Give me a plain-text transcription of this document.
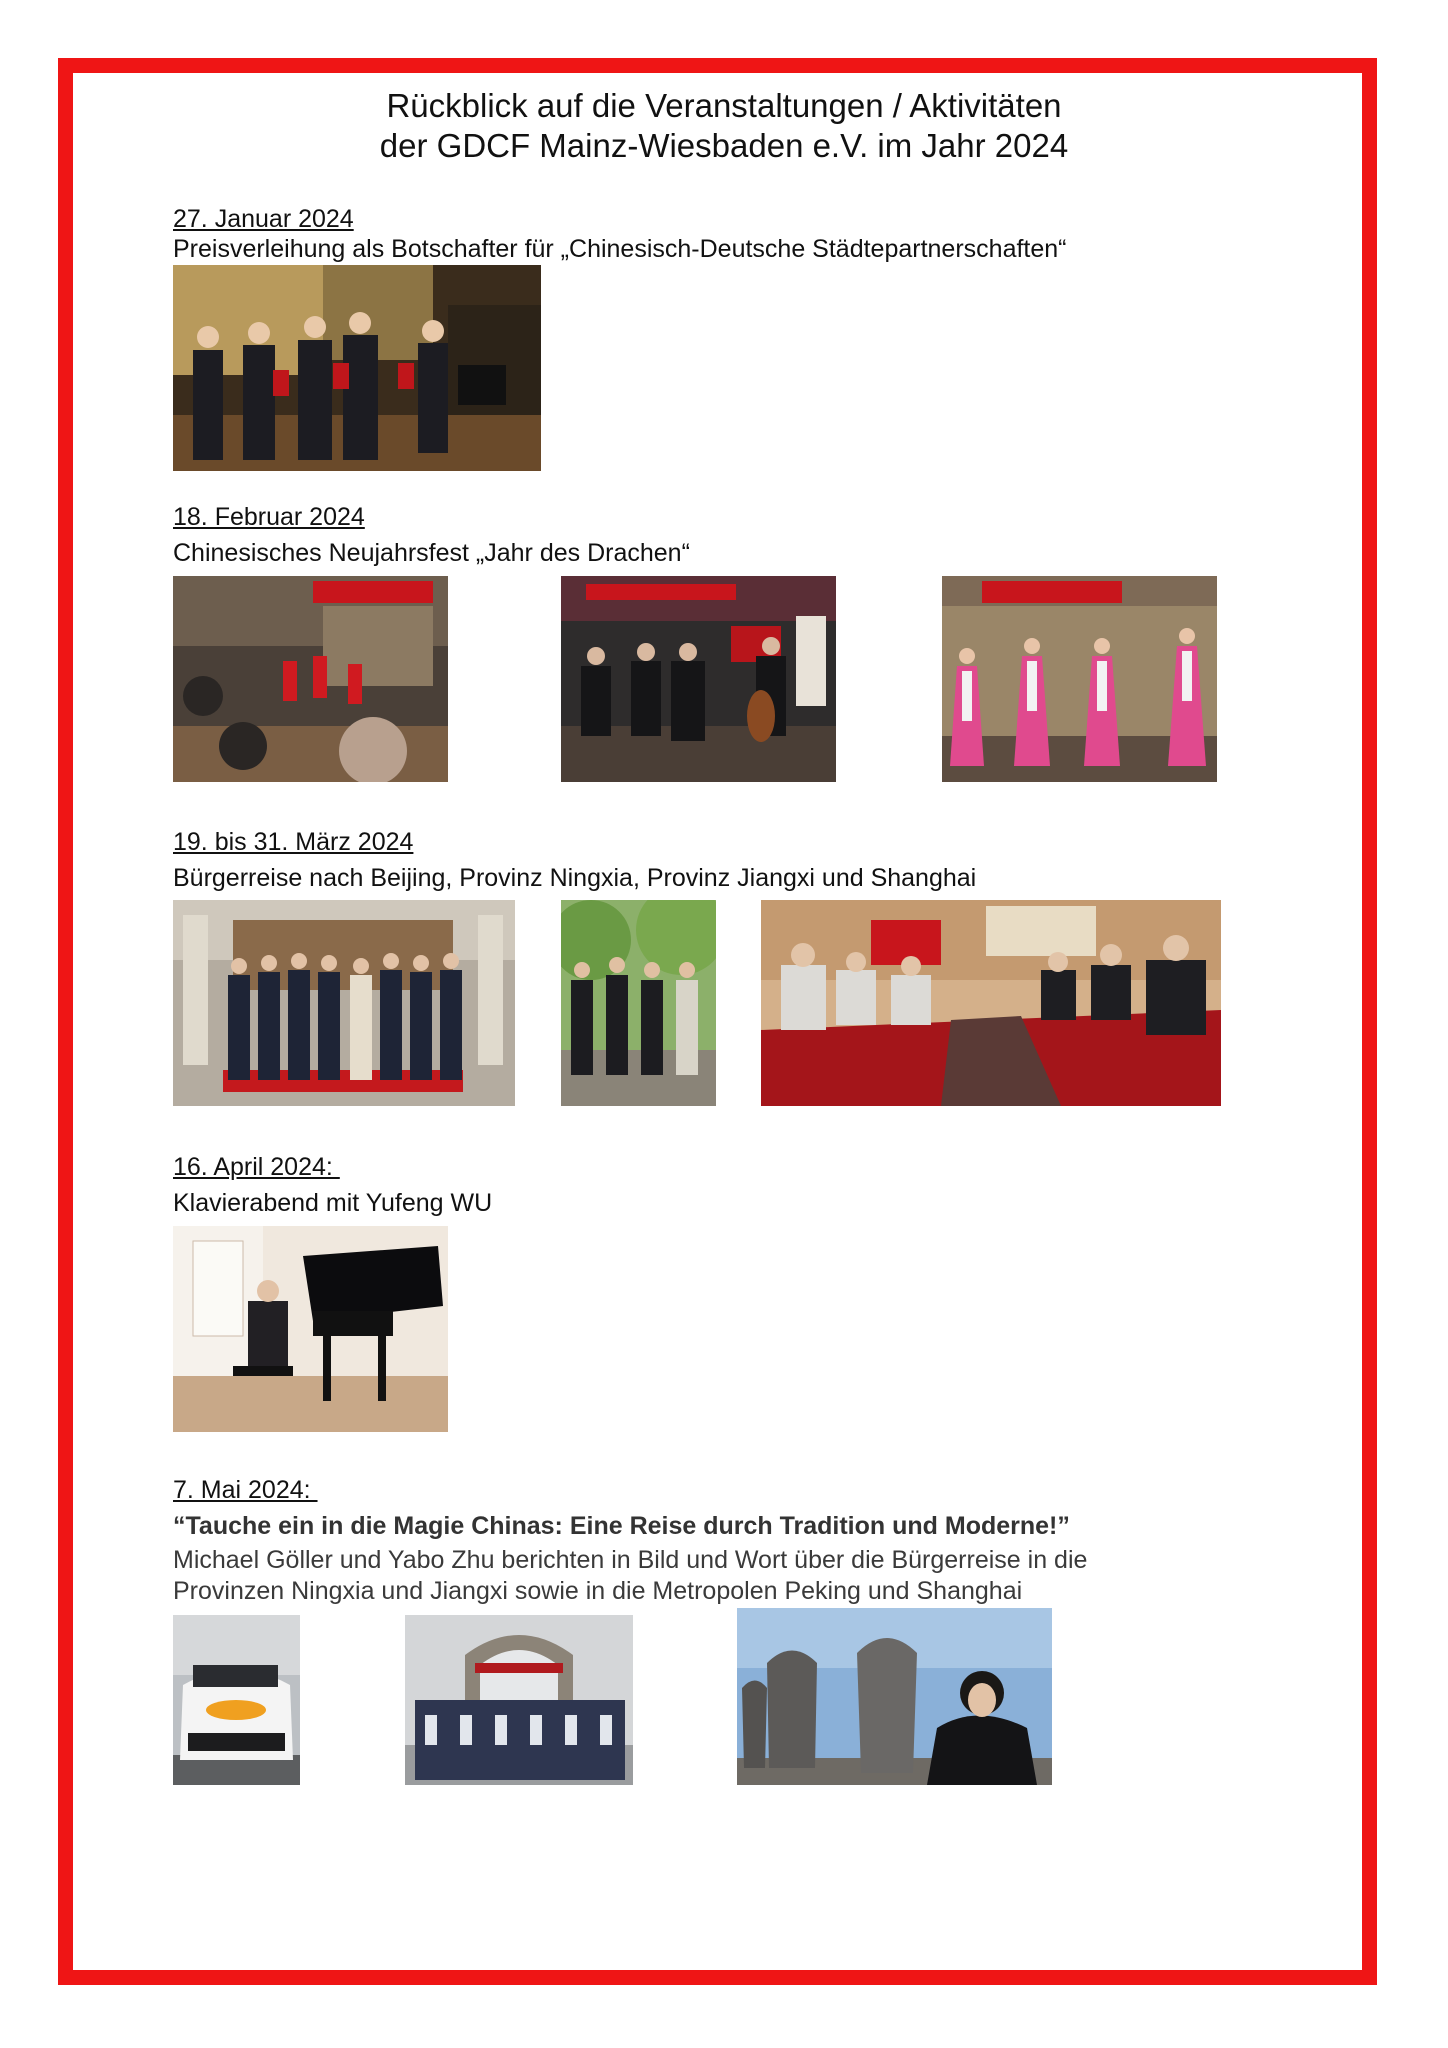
Rückblick auf die Veranstaltungen / Aktivitäten
der GDCF Mainz-Wiesbaden e.V. im Jahr 2024
27. Januar 2024
Preisverleihung als Botschafter für „Chinesisch-Deutsche Städtepartnerschaften“
18. Februar 2024
Chinesisches Neujahrsfest „Jahr des Drachen“
19. bis 31. März 2024
Bürgerreise nach Beijing, Provinz Ningxia, Provinz Jiangxi und Shanghai
16. April 2024:
Klavierabend mit Yufeng WU
7. Mai 2024:
“Tauche ein in die Magie Chinas: Eine Reise durch Tradition und Moderne!”
Michael Göller und Yabo Zhu berichten in Bild und Wort über die Bürgerreise in die
Provinzen Ningxia und Jiangxi sowie in die Metropolen Peking und Shanghai
